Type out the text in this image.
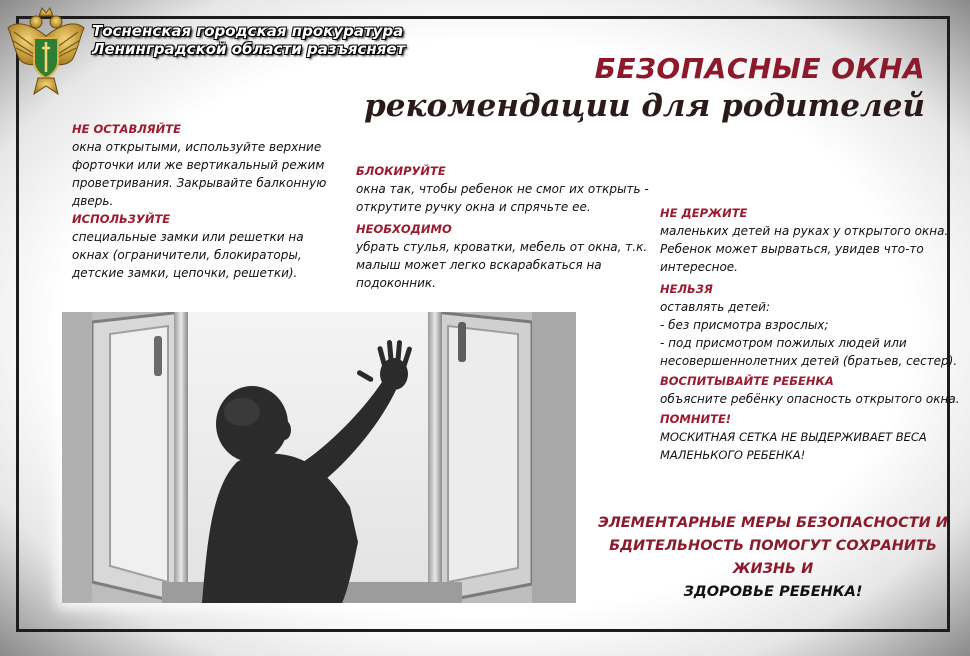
Тосненская городская прокуратура
Ленинградской области разъясняет
БЕЗОПАСНЫЕ ОКНА
рекомендации для родителей
НЕ ОСТАВЛЯЙТЕ
окна открытыми, используйте верхние форточки или же вертикальный режим проветривания. Закрывайте балконную дверь.
ИСПОЛЬЗУЙТЕ
специальные замки или решетки на окнах (ограничители, блокираторы, детские замки, цепочки, решетки).
БЛОКИРУЙТЕ
окна так, чтобы ребенок не смог их открыть - открутите ручку окна и спрячьте ее.
НЕОБХОДИМО
убрать стулья, кроватки, мебель от окна, т.к. малыш может легко вскарабкаться на подоконник.
НЕ ДЕРЖИТЕ
маленьких детей на руках у открытого окна. Ребенок может вырваться, увидев что-то интересное.
НЕЛЬЗЯ
оставлять детей:
- без присмотра взрослых;
- под присмотром пожилых людей или несовершеннолетних детей (братьев, сестер).
ВОСПИТЫВАЙТЕ РЕБЕНКА
объясните ребёнку опасность открытого окна.
ПОМНИТЕ!
МОСКИТНАЯ СЕТКА НЕ ВЫДЕРЖИВАЕТ ВЕСА МАЛЕНЬКОГО РЕБЕНКА!
ЭЛЕМЕНТАРНЫЕ МЕРЫ БЕЗОПАСНОСТИ И
БДИТЕЛЬНОСТЬ ПОМОГУТ СОХРАНИТЬ ЖИЗНЬ И
ЗДОРОВЬЕ РЕБЕНКА!
